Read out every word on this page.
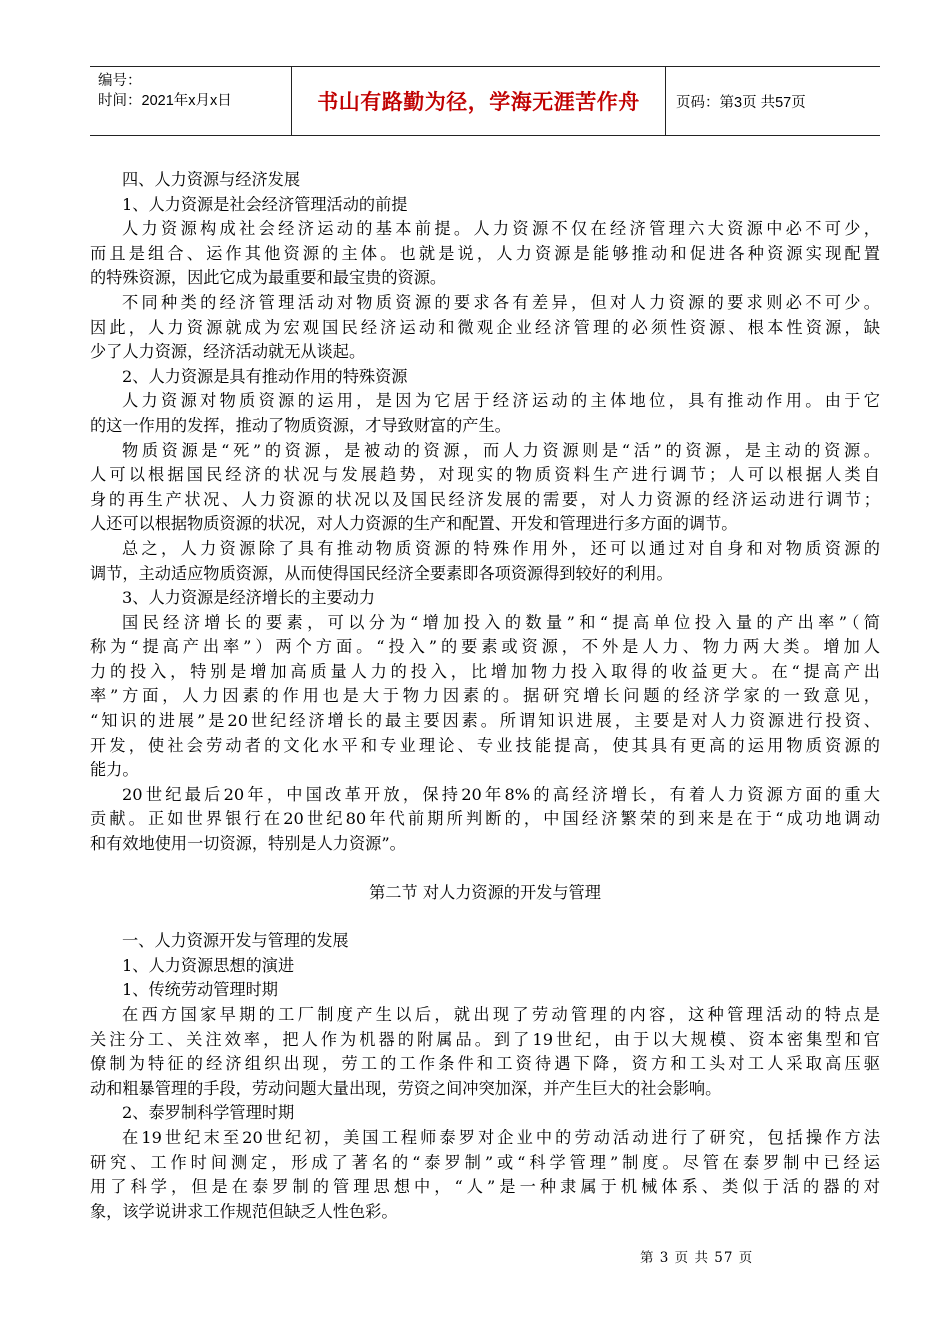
编号：
时间：2021年x月x日	书山有路勤为径，学海无涯苦作舟	页码：第3页 共57页
四、人力资源与经济发展
1、人力资源是社会经济管理活动的前提
人力资源构成社会经济运动的基本前提。人力资源不仅在经济管理六大资源中必不可少，
而且是组合、运作其他资源的主体。也就是说，人力资源是能够推动和促进各种资源实现配置
的特殊资源，因此它成为最重要和最宝贵的资源。
不同种类的经济管理活动对物质资源的要求各有差异，但对人力资源的要求则必不可少。
因此，人力资源就成为宏观国民经济运动和微观企业经济管理的必须性资源、根本性资源，缺
少了人力资源，经济活动就无从谈起。
2、人力资源是具有推动作用的特殊资源
人力资源对物质资源的运用，是因为它居于经济运动的主体地位，具有推动作用。由于它
的这一作用的发挥，推动了物质资源，才导致财富的产生。
物质资源是“死”的资源，是被动的资源，而人力资源则是“活”的资源，是主动的资源。
人可以根据国民经济的状况与发展趋势，对现实的物质资料生产进行调节；人可以根据人类自
身的再生产状况、人力资源的状况以及国民经济发展的需要，对人力资源的经济运动进行调节；
人还可以根据物质资源的状况，对人力资源的生产和配置、开发和管理进行多方面的调节。
总之，人力资源除了具有推动物质资源的特殊作用外，还可以通过对自身和对物质资源的
调节，主动适应物质资源，从而使得国民经济全要素即各项资源得到较好的利用。
3、人力资源是经济增长的主要动力
国民经济增长的要素，可以分为“增加投入的数量”和“提高单位投入量的产出率”（简
称为“提高产出率”）两个方面。“投入”的要素或资源，不外是人力、物力两大类。增加人
力的投入，特别是增加高质量人力的投入，比增加物力投入取得的收益更大。在“提高产出
率”方面，人力因素的作用也是大于物力因素的。据研究增长问题的经济学家的一致意见，
“知识的进展”是20世纪经济增长的最主要因素。所谓知识进展，主要是对人力资源进行投资、
开发，使社会劳动者的文化水平和专业理论、专业技能提高，使其具有更高的运用物质资源的
能力。
20世纪最后20年，中国改革开放，保持20年8%的高经济增长，有着人力资源方面的重大
贡献。正如世界银行在20世纪80年代前期所判断的，中国经济繁荣的到来是在于“成功地调动
和有效地使用一切资源，特别是人力资源”。
第二节 对人力资源的开发与管理
一、人力资源开发与管理的发展
1、人力资源思想的演进
1、传统劳动管理时期
在西方国家早期的工厂制度产生以后，就出现了劳动管理的内容，这种管理活动的特点是
关注分工、关注效率，把人作为机器的附属品。到了19世纪，由于以大规模、资本密集型和官
僚制为特征的经济组织出现，劳工的工作条件和工资待遇下降，资方和工头对工人采取高压驱
动和粗暴管理的手段，劳动问题大量出现，劳资之间冲突加深，并产生巨大的社会影响。
2、泰罗制科学管理时期
在19世纪末至20世纪初，美国工程师泰罗对企业中的劳动活动进行了研究，包括操作方法
研究、工作时间测定，形成了著名的“泰罗制”或“科学管理”制度。尽管在泰罗制中已经运
用了科学，但是在泰罗制的管理思想中，“人”是一种隶属于机械体系、类似于活的器的对
象，该学说讲求工作规范但缺乏人性色彩。
第 3 页 共 57 页
